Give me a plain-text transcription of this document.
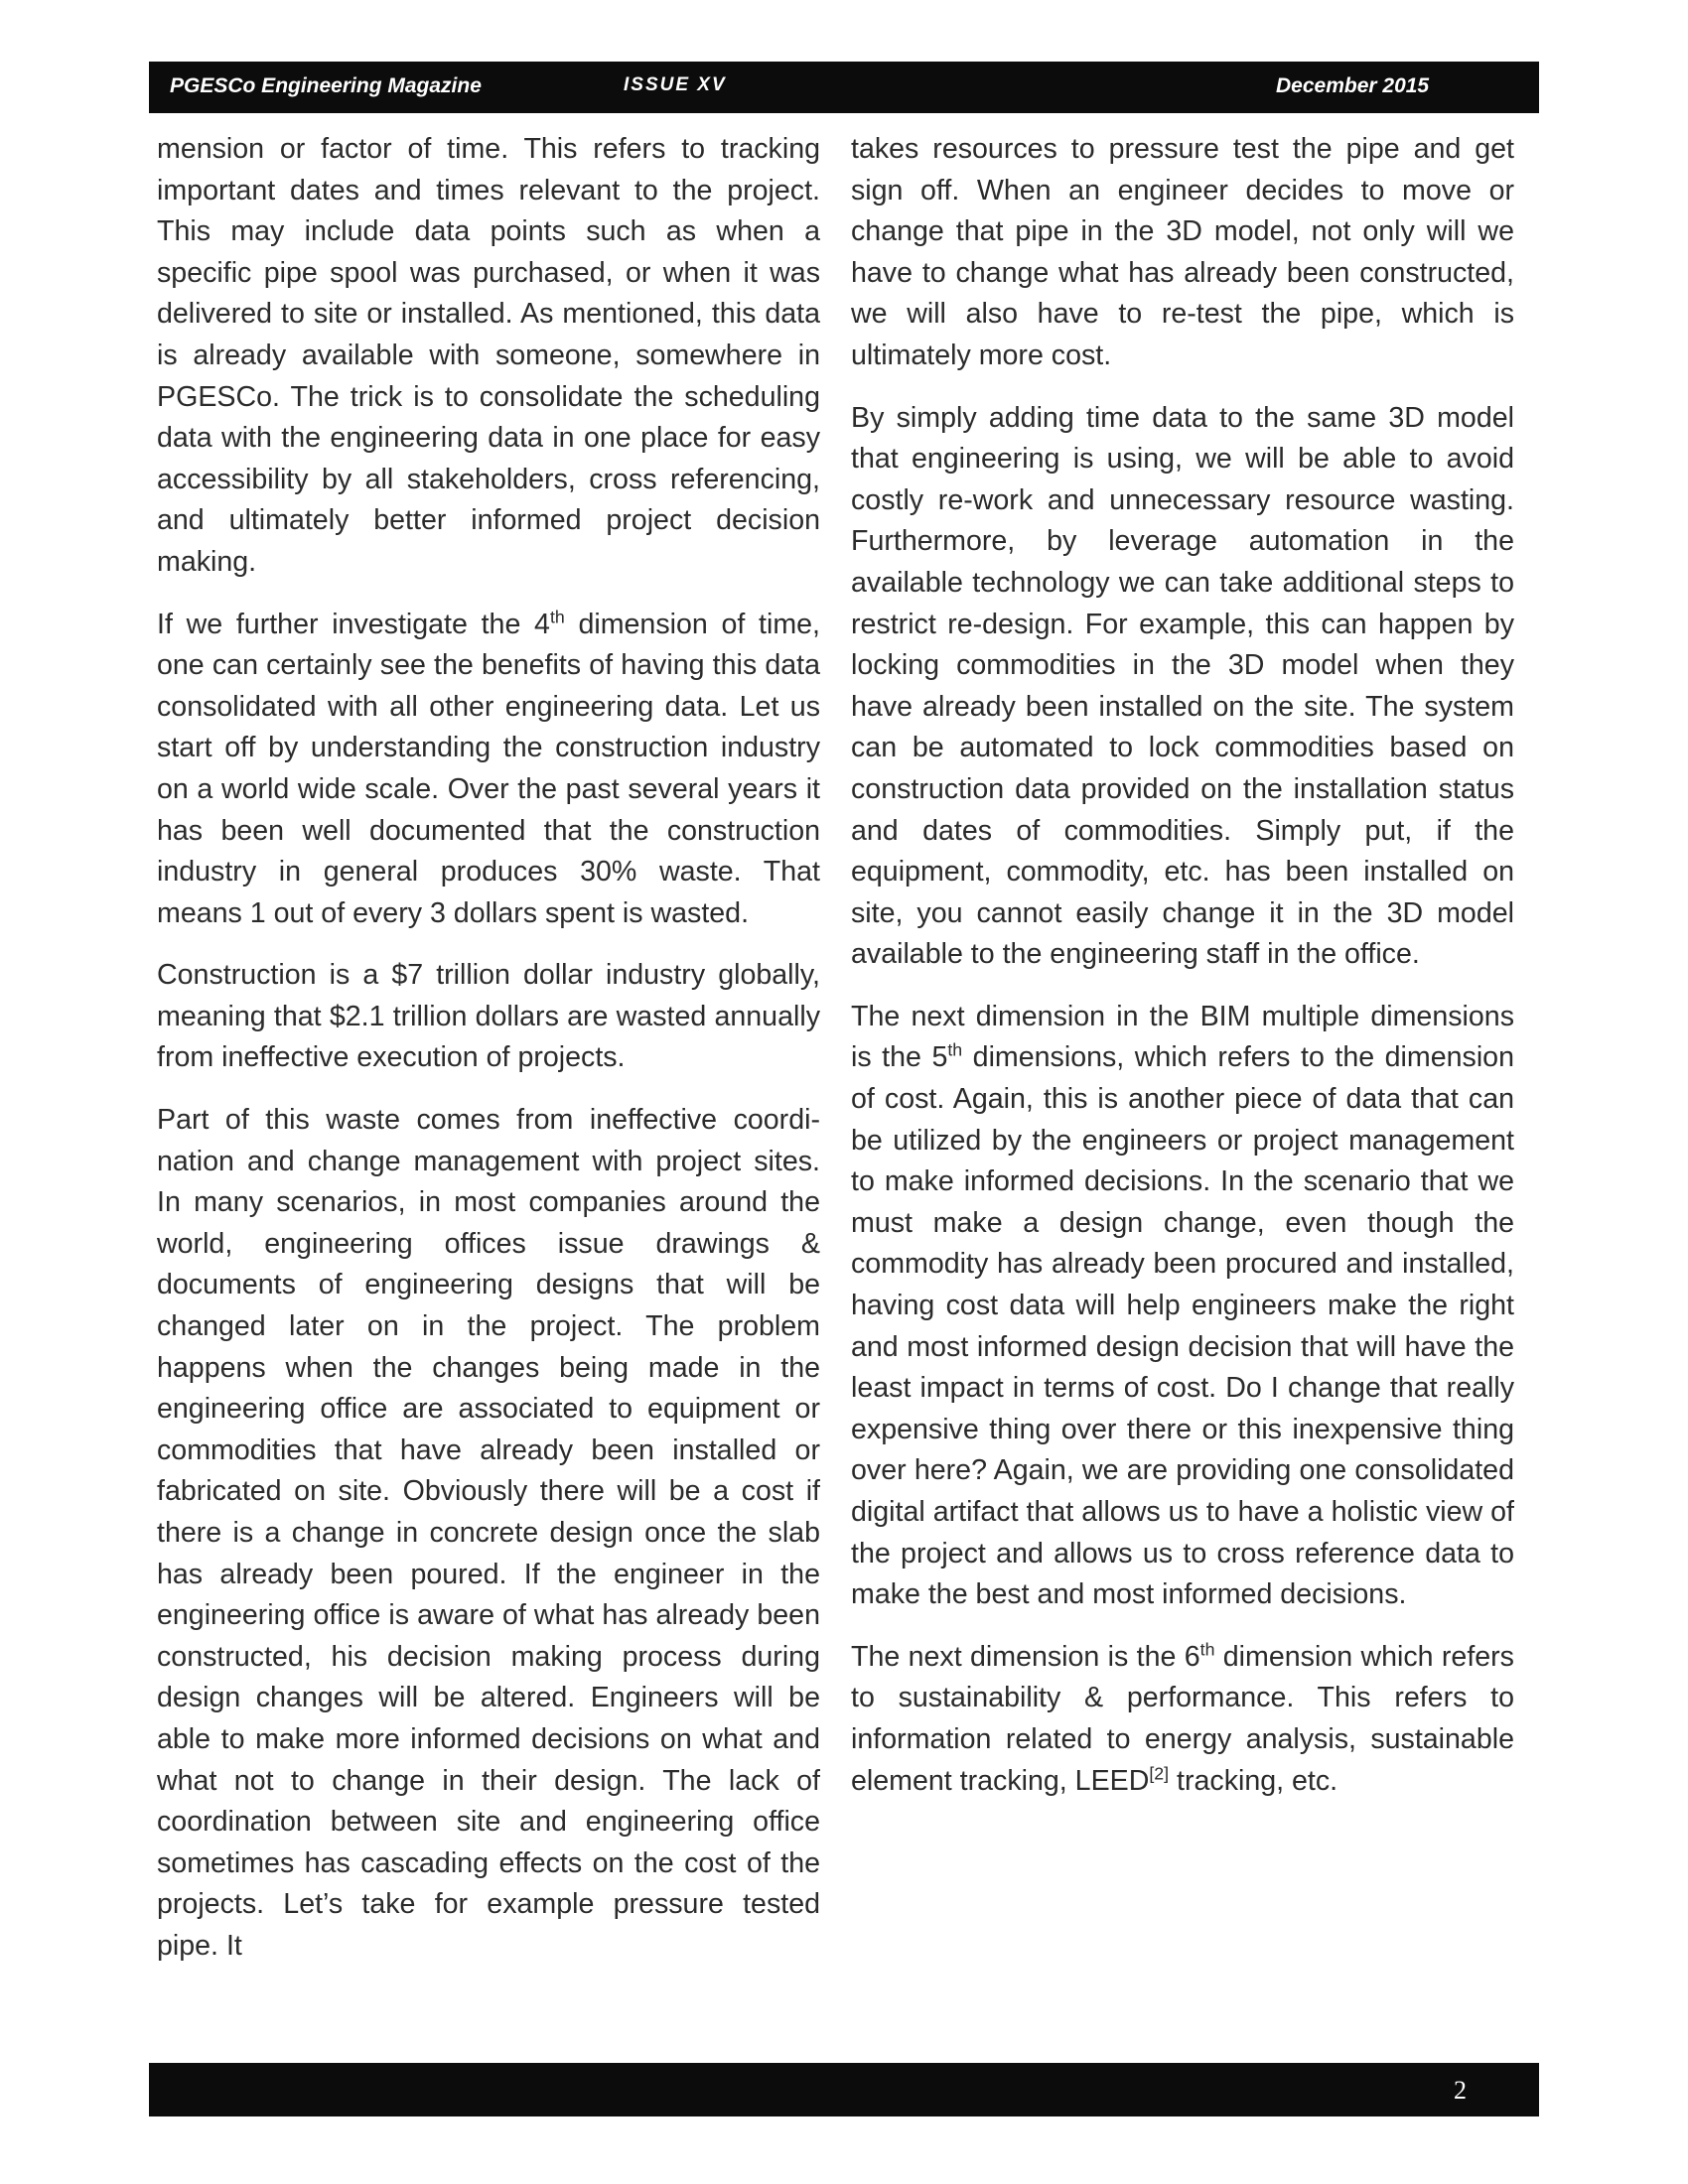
PGESCo Engineering Magazine	ISSUE XV	December 2015

mension or factor of time. This refers to tracking important dates and times relevant to the project. This may include data points such as when a specific pipe spool was purchased, or when it was delivered to site or installed. As mentioned, this data is already available with someone, somewhere in PGESCo. The trick is to consolidate the scheduling data with the engineering data in one place for easy accessibility by all stakeholders, cross referencing, and ultimately better informed project decision making.

If we further investigate the 4th dimension of time, one can certainly see the benefits of having this data consolidated with all other engineering data. Let us start off by understanding the construction industry on a world wide scale. Over the past several years it has been well documented that the construction industry in general produces 30% waste. That means 1 out of every 3 dollars spent is wasted.

Construction is a $7 trillion dollar industry globally, meaning that $2.1 trillion dollars are wasted annually from ineffective execution of projects.

Part of this waste comes from ineffective coordination and change management with project sites. In many scenarios, in most companies around the world, engineering offices issue drawings & documents of engineering designs that will be changed later on in the project. The problem happens when the changes being made in the engineering office are associated to equipment or commodities that have already been installed or fabricated on site. Obviously there will be a cost if there is a change in concrete design once the slab has already been poured. If the engineer in the engineering office is aware of what has already been constructed, his decision making process during design changes will be altered. Engineers will be able to make more informed decisions on what and what not to change in their design. The lack of coordination between site and engineering office sometimes has cascading effects on the cost of the projects. Let’s take for example pressure tested pipe. It

takes resources to pressure test the pipe and get sign off. When an engineer decides to move or change that pipe in the 3D model, not only will we have to change what has already been constructed, we will also have to re-test the pipe, which is ultimately more cost.

By simply adding time data to the same 3D model that engineering is using, we will be able to avoid costly re-work and unnecessary resource wasting. Furthermore, by leverage automation in the available technology we can take additional steps to restrict re-design. For example, this can happen by locking commodities in the 3D model when they have already been installed on the site. The system can be automated to lock commodities based on construction data provided on the installation status and dates of commodities. Simply put, if the equipment, commodity, etc. has been installed on site, you cannot easily change it in the 3D model available to the engineering staff in the office.

The next dimension in the BIM multiple dimensions is the 5th dimensions, which refers to the dimension of cost. Again, this is another piece of data that can be utilized by the engineers or project management to make informed decisions. In the scenario that we must make a design change, even though the commodity has already been procured and installed, having cost data will help engineers make the right and most informed design decision that will have the least impact in terms of cost. Do I change that really expensive thing over there or this inexpensive thing over here? Again, we are providing one consolidated digital artifact that allows us to have a holistic view of the project and allows us to cross reference data to make the best and most informed decisions.

The next dimension is the 6th dimension which refers to sustainability & performance. This refers to information related to energy analysis, sustainable element tracking, LEED[2] tracking, etc.

2
